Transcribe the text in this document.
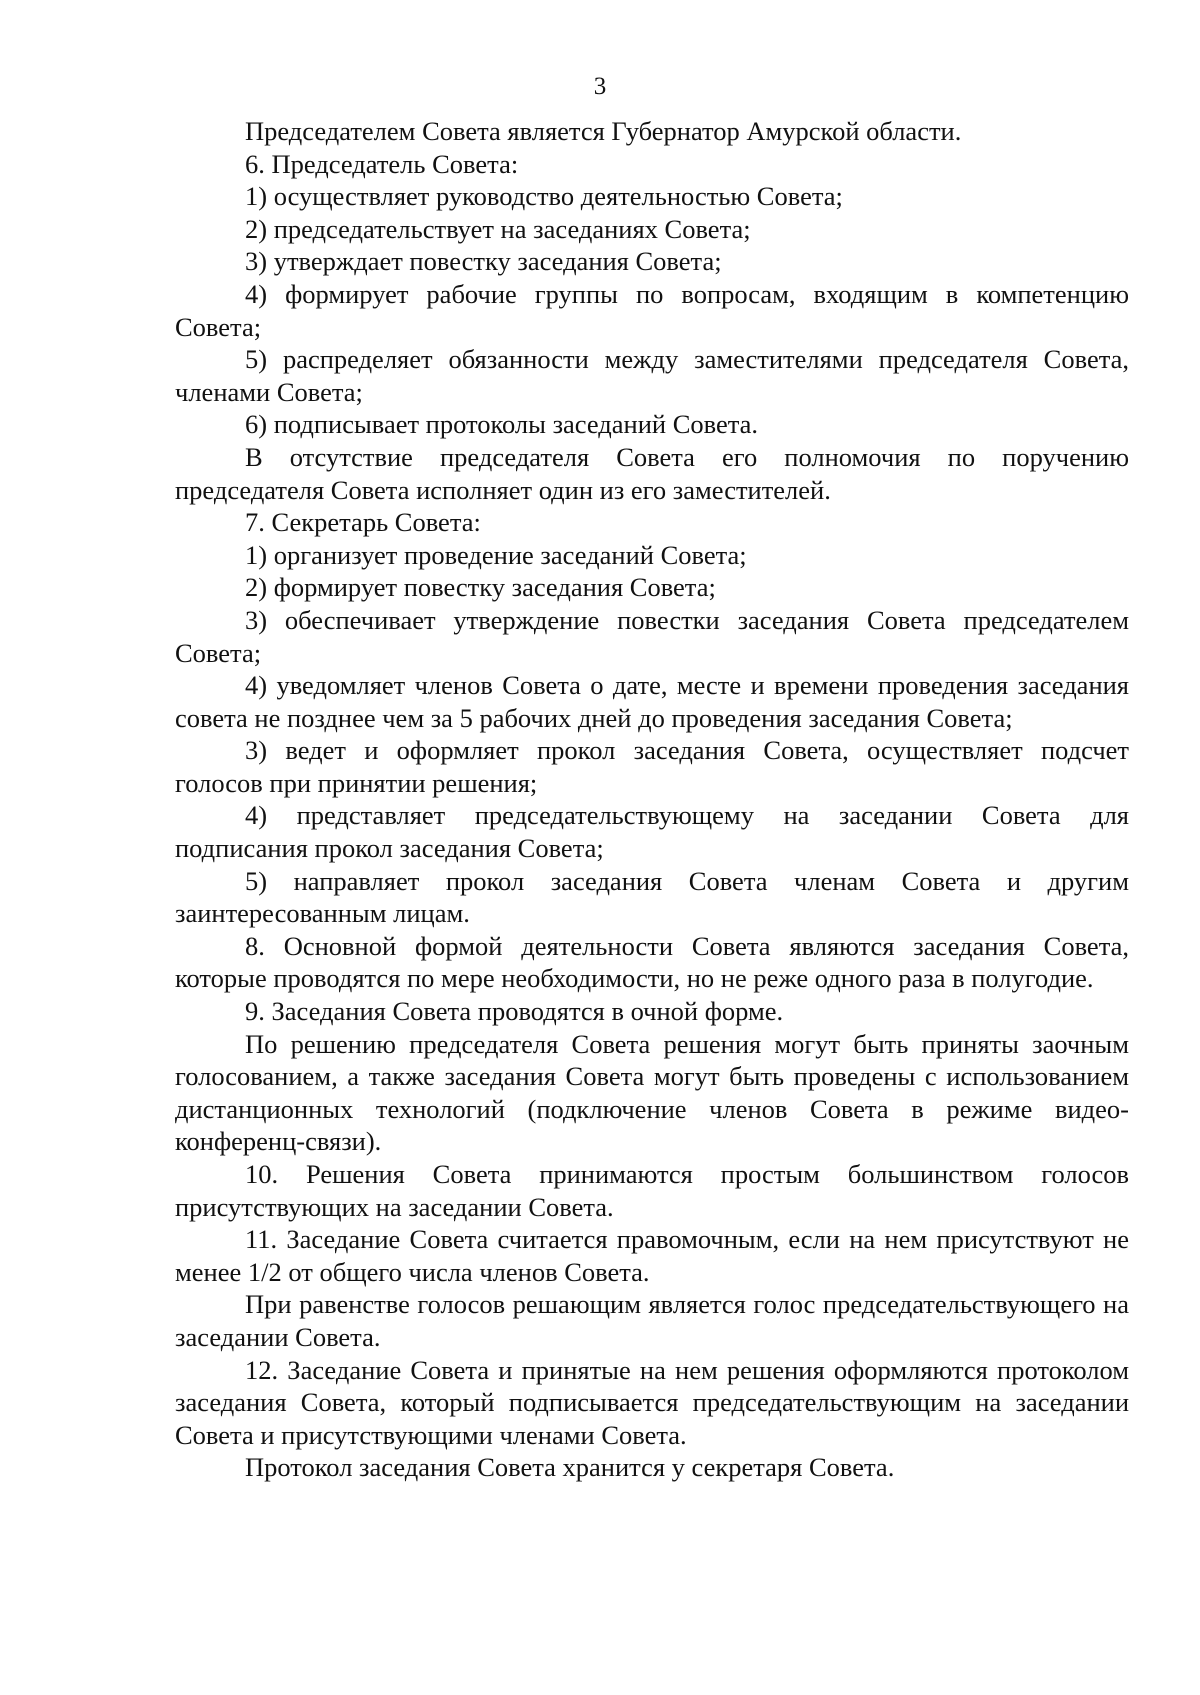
3

Председателем Совета является Губернатор Амурской области.

6. Председатель Совета:

1) осуществляет руководство деятельностью Совета;

2) председательствует на заседаниях Совета;

3) утверждает повестку заседания Совета;

4) формирует рабочие группы по вопросам, входящим в компетенцию Совета;

5) распределяет обязанности между заместителями председателя Совета, членами Совета;

6) подписывает протоколы заседаний Совета.

В отсутствие председателя Совета его полномочия по поручению председателя Совета исполняет один из его заместителей.

7. Секретарь Совета:

1) организует проведение заседаний Совета;

2) формирует повестку заседания Совета;

3) обеспечивает утверждение повестки заседания Совета председателем Совета;

4) уведомляет членов Совета о дате, месте и времени проведения заседания совета не позднее чем за 5 рабочих дней до проведения заседания Совета;

3) ведет и оформляет прокол заседания Совета, осуществляет подсчет голосов при принятии решения;

4) представляет председательствующему на заседании Совета для подписания прокол заседания Совета;

5) направляет прокол заседания Совета членам Совета и другим заинтересованным лицам.

8. Основной формой деятельности Совета являются заседания Совета, которые проводятся по мере необходимости, но не реже одного раза в полугодие.

9. Заседания Совета проводятся в очной форме.

По решению председателя Совета решения могут быть приняты заочным голосованием, а также заседания Совета могут быть проведены с использованием дистанционных технологий (подключение членов Совета в режиме видео-конференц-связи).

10. Решения Совета принимаются простым большинством голосов присутствующих на заседании Совета.

11. Заседание Совета считается правомочным, если на нем присутствуют не менее 1/2 от общего числа членов Совета.

При равенстве голосов решающим является голос председательствующего на заседании Совета.

12. Заседание Совета и принятые на нем решения оформляются протоколом заседания Совета, который подписывается председательствующим на заседании Совета и присутствующими членами Совета.

Протокол заседания Совета хранится у секретаря Совета.
